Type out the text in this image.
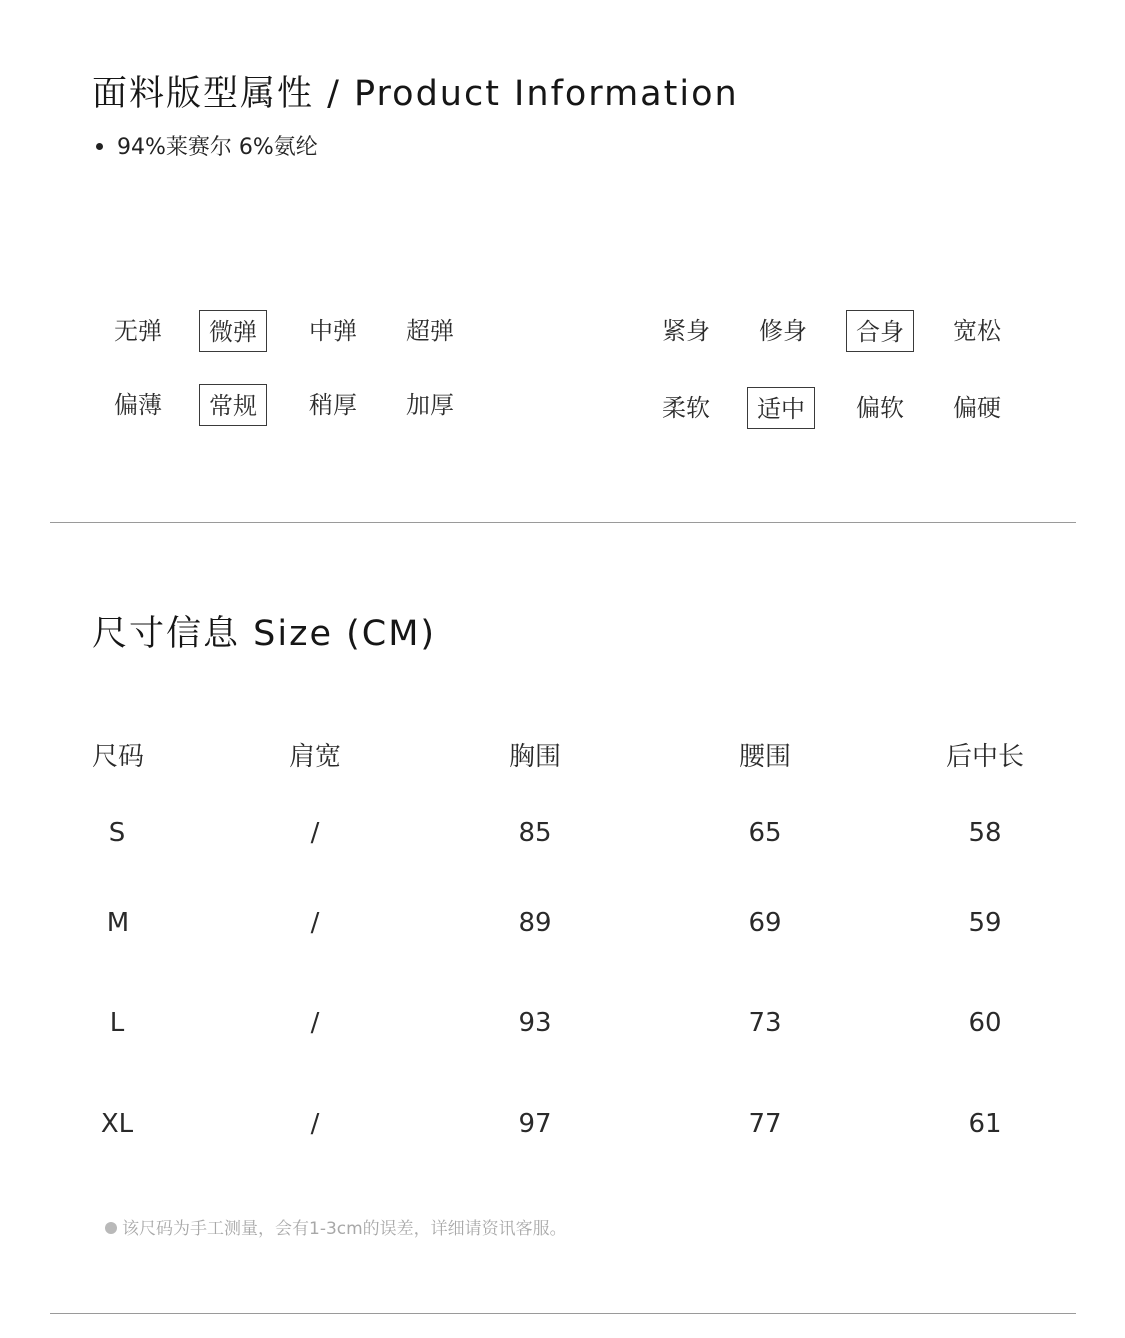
面料版型属性 / Product Information
94%莱赛尔 6%氨纶
无弹	微弹	中弹	超弹
偏薄	常规	稍厚	加厚
紧身	修身	合身	宽松
柔软	适中	偏软	偏硬
尺寸信息 Size (CM)
尺码	肩宽	胸围	腰围	后中长
S	/	85	65	58
M	/	89	69	59
L	/	93	73	60
XL	/	97	77	61
该尺码为手工测量，会有1-3cm的误差，详细请资讯客服。
